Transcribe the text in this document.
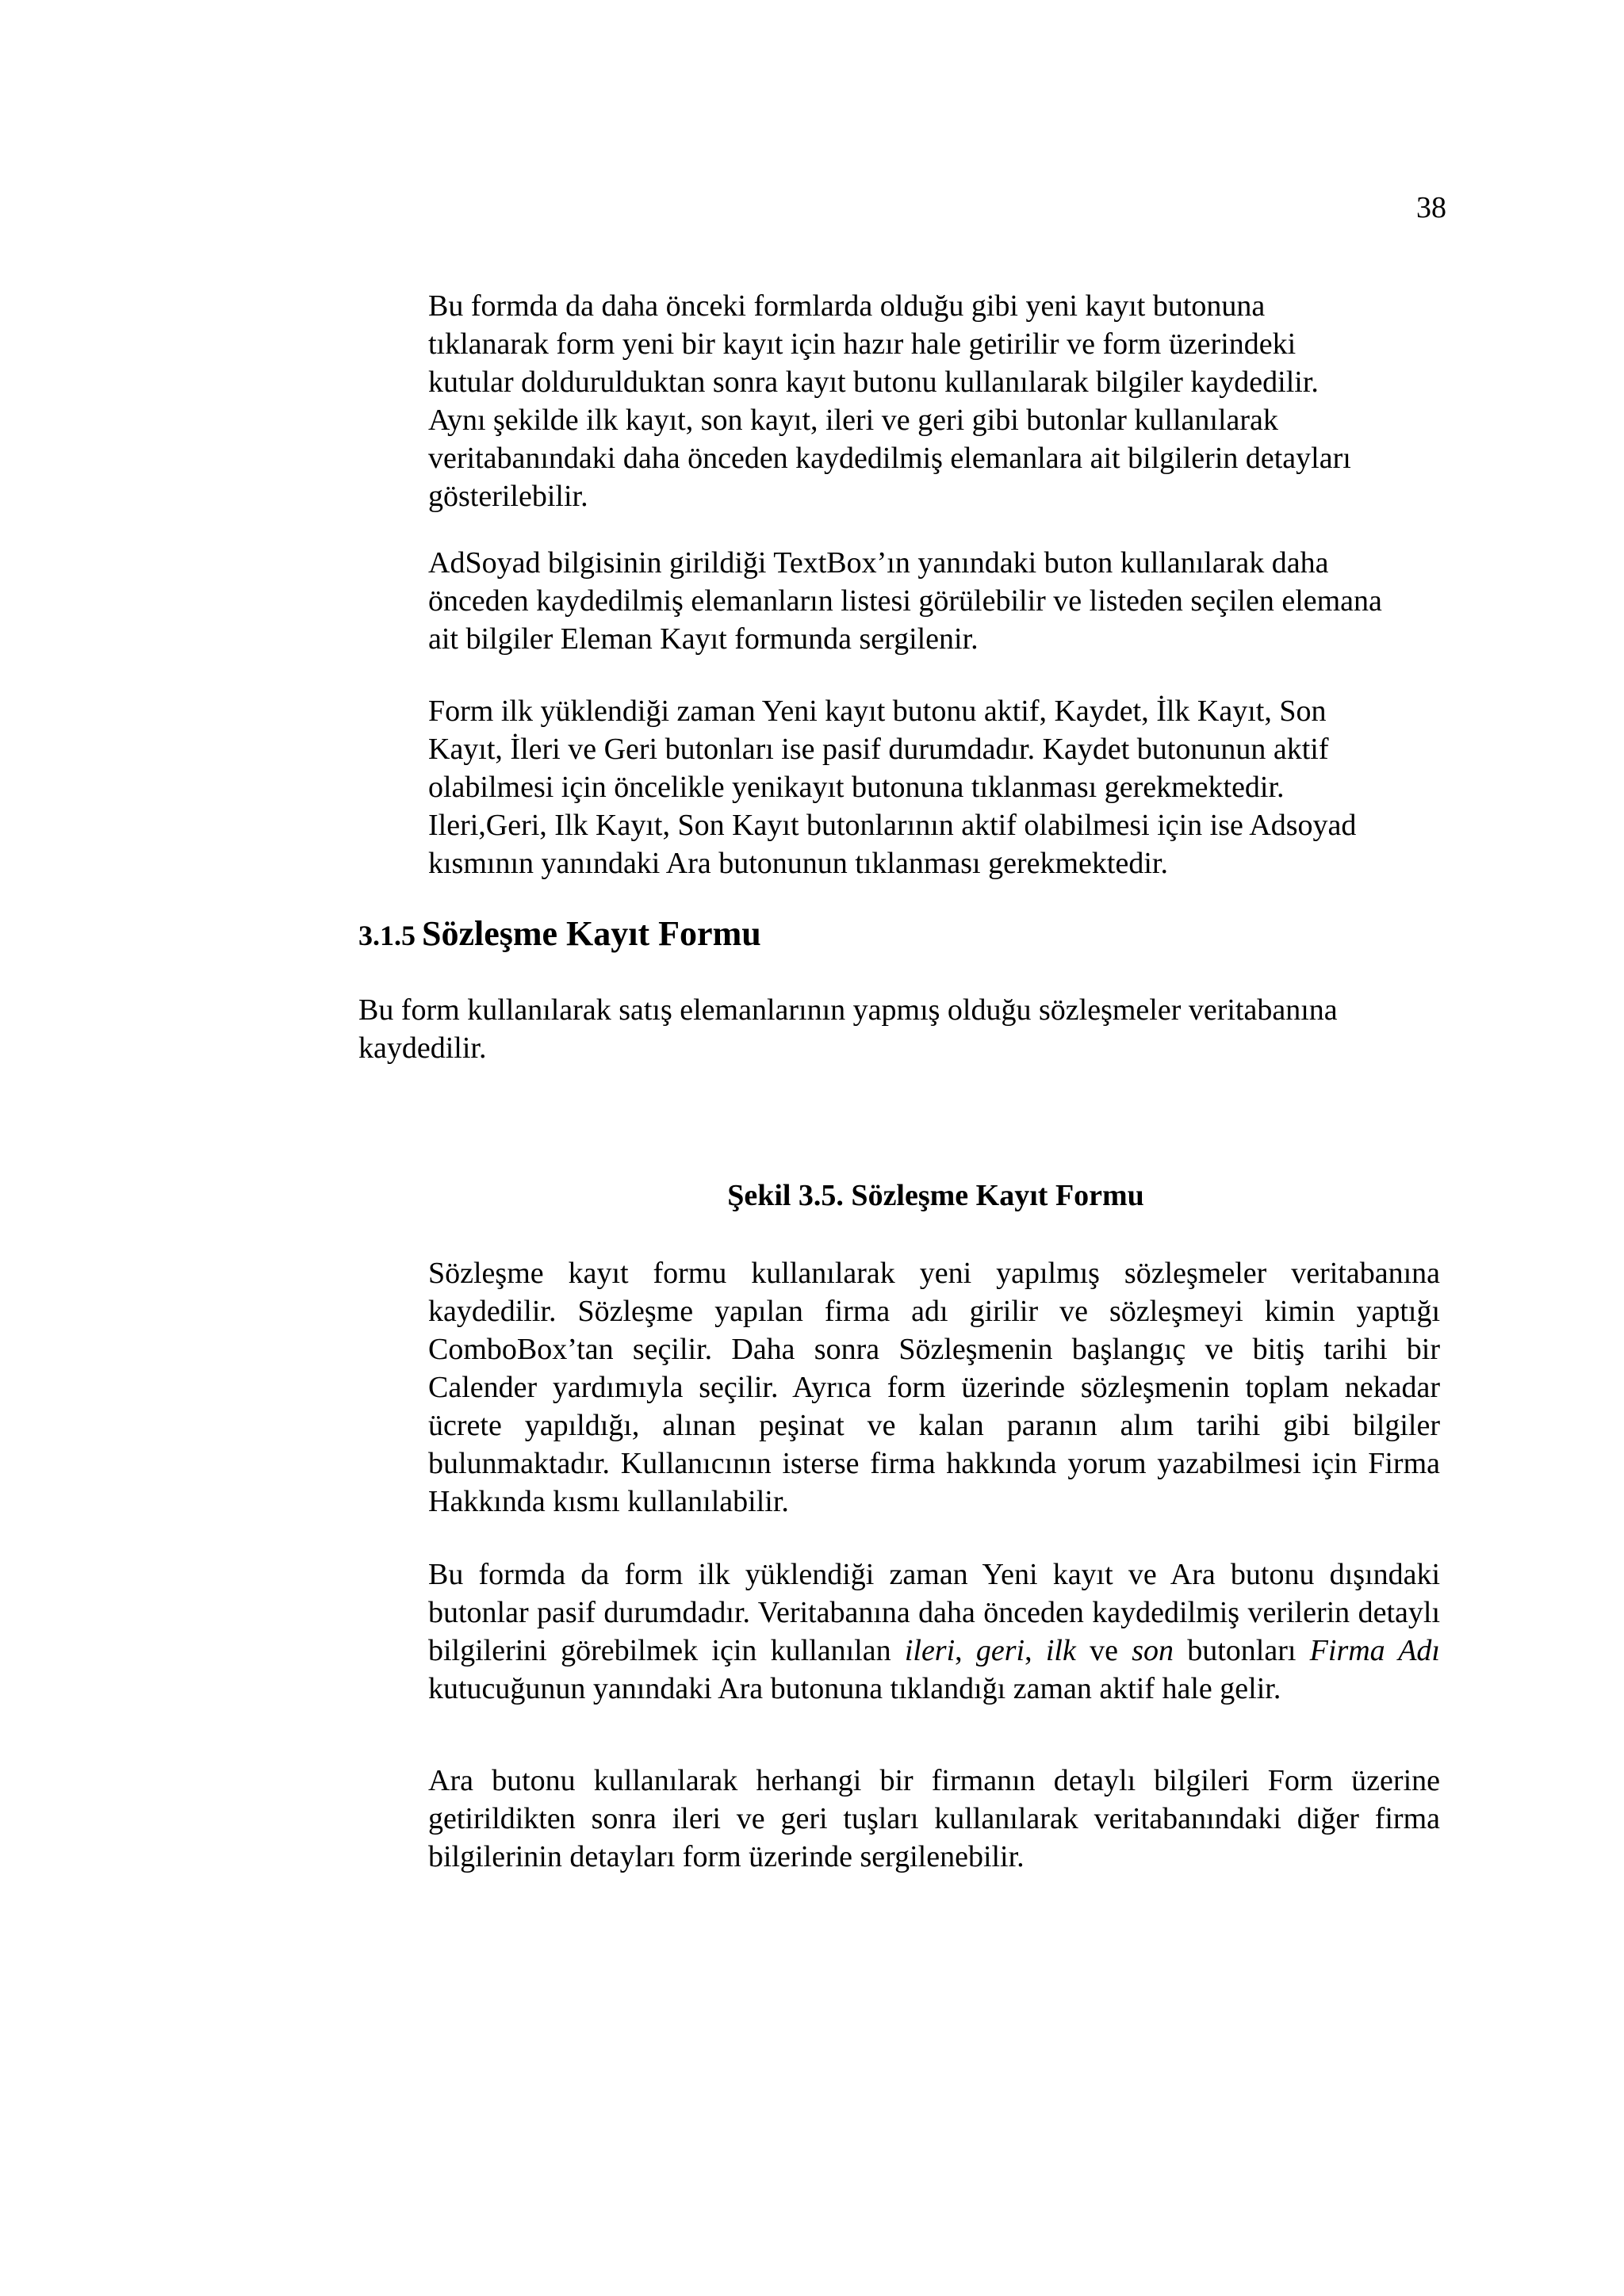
38

Bu formda da daha önceki formlarda olduğu gibi yeni kayıt butonuna
tıklanarak form yeni bir kayıt için hazır hale getirilir ve form üzerindeki
kutular doldurulduktan sonra kayıt butonu kullanılarak bilgiler kaydedilir.
Aynı şekilde ilk kayıt, son kayıt, ileri ve geri gibi butonlar kullanılarak
veritabanındaki daha önceden kaydedilmiş elemanlara ait bilgilerin detayları
gösterilebilir.

AdSoyad bilgisinin girildiği TextBox’ın yanındaki buton kullanılarak daha
önceden kaydedilmiş elemanların listesi görülebilir ve listeden seçilen elemana
ait bilgiler Eleman Kayıt formunda sergilenir.

Form ilk yüklendiği zaman Yeni kayıt butonu aktif, Kaydet, İlk Kayıt, Son
Kayıt, İleri ve Geri butonları ise pasif durumdadır. Kaydet butonunun aktif
olabilmesi için öncelikle yenikayıt butonuna tıklanması gerekmektedir.
Ileri,Geri, Ilk Kayıt, Son Kayıt butonlarının aktif olabilmesi için ise Adsoyad
kısmının yanındaki Ara butonunun tıklanması gerekmektedir.

3.1.5 Sözleşme Kayıt Formu

Bu form kullanılarak satış elemanlarının yapmış olduğu sözleşmeler veritabanına
kaydedilir.

Şekil 3.5. Sözleşme Kayıt Formu

Sözleşme kayıt formu kullanılarak yeni yapılmış sözleşmeler veritabanına kaydedilir. Sözleşme yapılan firma adı girilir ve sözleşmeyi kimin yaptığı ComboBox’tan seçilir. Daha sonra Sözleşmenin başlangıç ve bitiş tarihi bir Calender yardımıyla seçilir. Ayrıca form üzerinde sözleşmenin toplam nekadar ücrete yapıldığı, alınan peşinat ve kalan paranın alım tarihi gibi bilgiler bulunmaktadır. Kullanıcının isterse firma hakkında yorum yazabilmesi için Firma Hakkında kısmı kullanılabilir.

Bu formda da form ilk yüklendiği zaman Yeni kayıt ve Ara butonu dışındaki butonlar pasif durumdadır. Veritabanına daha önceden kaydedilmiş verilerin detaylı bilgilerini görebilmek için kullanılan ileri, geri, ilk ve son butonları Firma Adı kutucuğunun yanındaki Ara butonuna tıklandığı zaman aktif hale gelir.

Ara butonu kullanılarak herhangi bir firmanın detaylı bilgileri Form üzerine getirildikten sonra ileri ve geri tuşları kullanılarak veritabanındaki diğer firma bilgilerinin detayları form üzerinde sergilenebilir.
